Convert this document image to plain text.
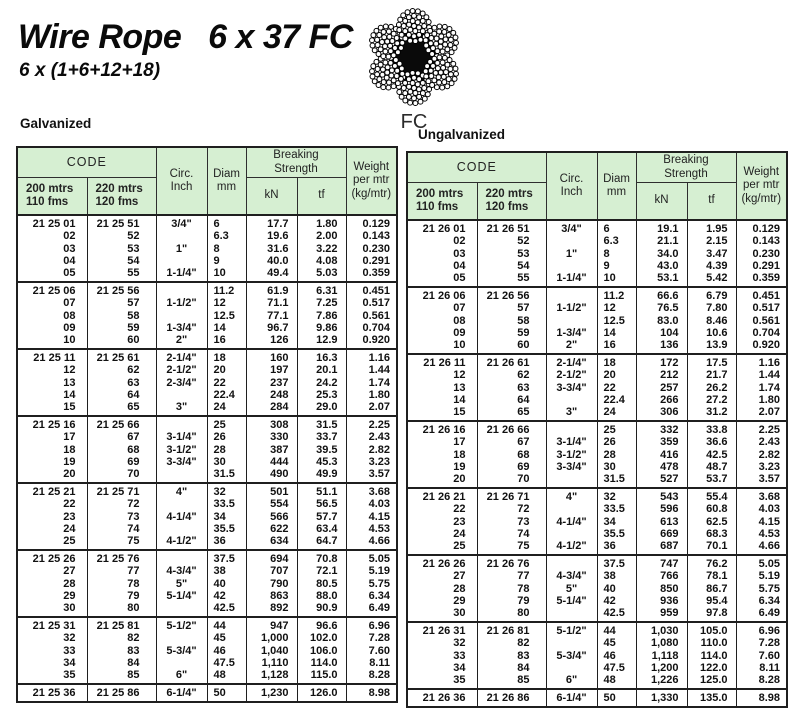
Wire Rope   6 x 37 FC
6 x (1+6+12+18)
FC

Galvanized

Ungalvanized

CODE		Circ.
Inch	Diam
mm	Breaking
Strength		Weight
per mtr
(kg/mtr)
200 mtrs
110 fms	220 mtrs
120 fms			kN	tf	
21 25 01	21 25 51	3/4"	6	17.7	1.80	0.129
02	52		6.3	19.6	2.00	0.143
03	53	1"	8	31.6	3.22	0.230
04	54		9	40.0	4.08	0.291
05	55	1-1/4"	10	49.4	5.03	0.359
21 25 06	21 25 56		11.2	61.9	6.31	0.451
07	57	1-1/2"	12	71.1	7.25	0.517
08	58		12.5	77.1	7.86	0.561
09	59	1-3/4"	14	96.7	9.86	0.704
10	60	2"	16	126	12.9	0.920
21 25 11	21 25 61	2-1/4"	18	160	16.3	1.16
12	62	2-1/2"	20	197	20.1	1.44
13	63	2-3/4"	22	237	24.2	1.74
14	64		22.4	248	25.3	1.80
15	65	3"	24	284	29.0	2.07
21 25 16	21 25 66		25	308	31.5	2.25
17	67	3-1/4"	26	330	33.7	2.43
18	68	3-1/2"	28	387	39.5	2.82
19	69	3-3/4"	30	444	45.3	3.23
20	70		31.5	490	49.9	3.57
21 25 21	21 25 71	4"	32	501	51.1	3.68
22	72		33.5	554	56.5	4.03
23	73	4-1/4"	34	566	57.7	4.15
24	74		35.5	622	63.4	4.53
25	75	4-1/2"	36	634	64.7	4.66
21 25 26	21 25 76		37.5	694	70.8	5.05
27	77	4-3/4"	38	707	72.1	5.19
28	78	5"	40	790	80.5	5.75
29	79	5-1/4"	42	863	88.0	6.34
30	80		42.5	892	90.9	6.49
21 25 31	21 25 81	5-1/2"	44	947	96.6	6.96
32	82		45	1,000	102.0	7.28
33	83	5-3/4"	46	1,040	106.0	7.60
34	84		47.5	1,110	114.0	8.11
35	85	6"	48	1,128	115.0	8.28
21 25 36	21 25 86	6-1/4"	50	1,230	126.0	8.98
CODE		Circ.
Inch	Diam
mm	Breaking
Strength		Weight
per mtr
(kg/mtr)
200 mtrs
110 fms	220 mtrs
120 fms			kN	tf	
21 26 01	21 26 51	3/4"	6	19.1	1.95	0.129
02	52		6.3	21.1	2.15	0.143
03	53	1"	8	34.0	3.47	0.230
04	54		9	43.0	4.39	0.291
05	55	1-1/4"	10	53.1	5.42	0.359
21 26 06	21 26 56		11.2	66.6	6.79	0.451
07	57	1-1/2"	12	76.5	7.80	0.517
08	58		12.5	83.0	8.46	0.561
09	59	1-3/4"	14	104	10.6	0.704
10	60	2"	16	136	13.9	0.920
21 26 11	21 26 61	2-1/4"	18	172	17.5	1.16
12	62	2-1/2"	20	212	21.7	1.44
13	63	3-3/4"	22	257	26.2	1.74
14	64		22.4	266	27.2	1.80
15	65	3"	24	306	31.2	2.07
21 26 16	21 26 66		25	332	33.8	2.25
17	67	3-1/4"	26	359	36.6	2.43
18	68	3-1/2"	28	416	42.5	2.82
19	69	3-3/4"	30	478	48.7	3.23
20	70		31.5	527	53.7	3.57
21 26 21	21 26 71	4"	32	543	55.4	3.68
22	72		33.5	596	60.8	4.03
23	73	4-1/4"	34	613	62.5	4.15
24	74		35.5	669	68.3	4.53
25	75	4-1/2"	36	687	70.1	4.66
21 26 26	21 26 76		37.5	747	76.2	5.05
27	77	4-3/4"	38	766	78.1	5.19
28	78	5"	40	850	86.7	5.75
29	79	5-1/4"	42	936	95.4	6.34
30	80		42.5	959	97.8	6.49
21 26 31	21 26 81	5-1/2"	44	1,030	105.0	6.96
32	82		45	1,080	110.0	7.28
33	83	5-3/4"	46	1,118	114.0	7.60
34	84		47.5	1,200	122.0	8.11
35	85	6"	48	1,226	125.0	8.28
21 26 36	21 26 86	6-1/4"	50	1,330	135.0	8.98
